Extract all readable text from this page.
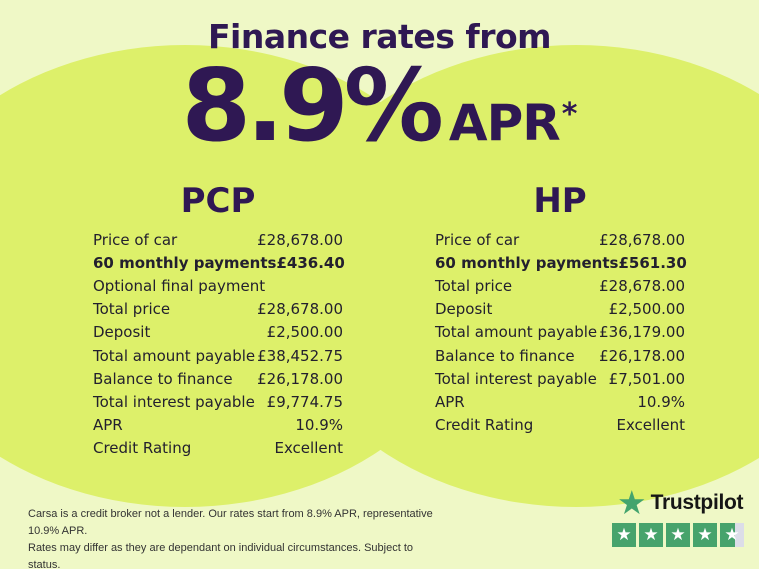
Finance rates from
8.9% APR *
PCP	HP
Price of car	£28,678.00
60 monthly payments £436.40
Optional final payment
Total price	£28,678.00
Deposit	£2,500.00
Total amount payable £38,452.75
Balance to finance £26,178.00
Total interest payable £9,774.75
APR	10.9%
Credit Rating	Excellent
Price of car	£28,678.00
60 monthly payments £561.30
Total price	£28,678.00
Deposit	£2,500.00
Total amount payable £36,179.00
Balance to finance £26,178.00
Total interest payable £7,501.00
APR	10.9%
Credit Rating	Excellent
Carsa is a credit broker not a lender. Our rates start from 8.9% APR, representative 10.9% APR.
Rates may differ as they are dependant on individual circumstances. Subject to status.
★ Trustpilot
★ ★ ★ ★ ★
